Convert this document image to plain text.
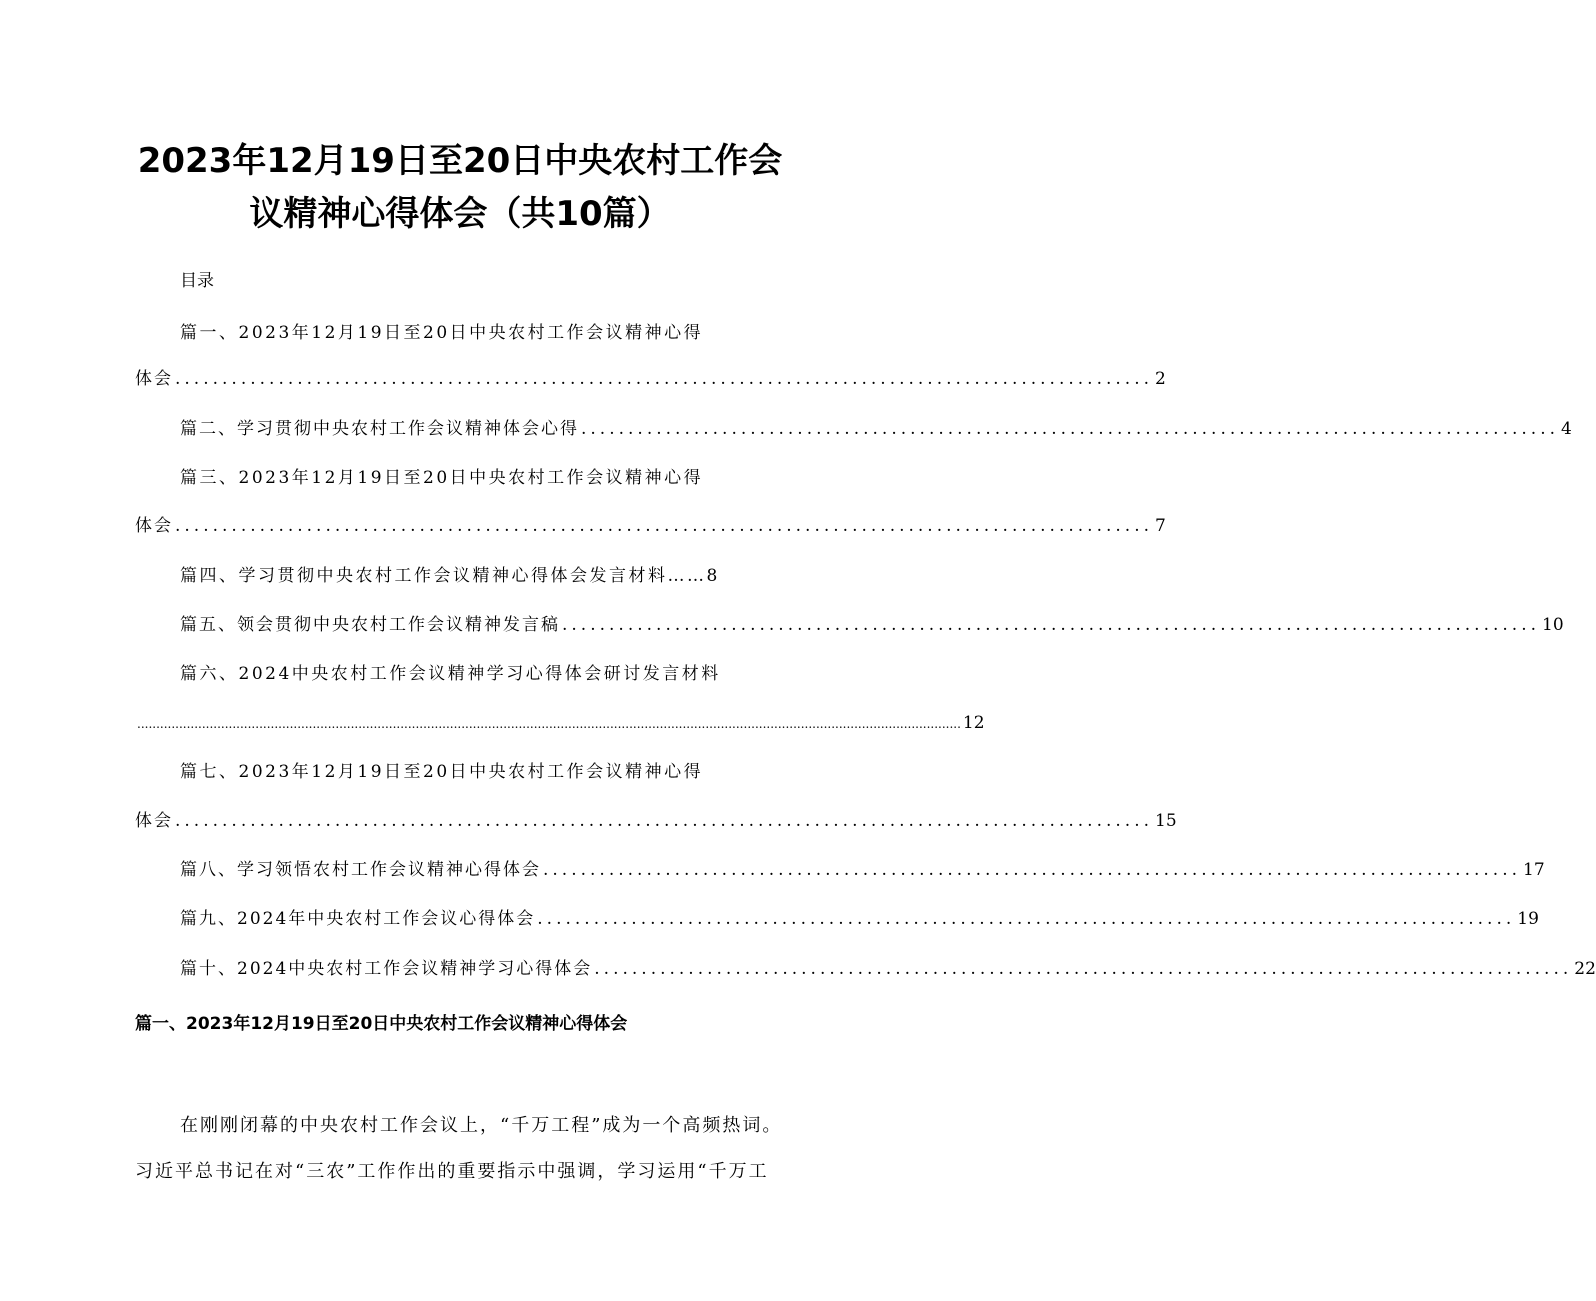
2023年12月19日至20日中央农村工作会
议精神心得体会（共10篇）
目录
篇一、2023年12月19日至20日中央农村工作会议精神心得
体会 ........................................................................................................ 2
篇二、学习贯彻中央农村工作会议精神体会心得 ........................................................................................................ 4
篇三、2023年12月19日至20日中央农村工作会议精神心得
体会 ........................................................................................................ 7
篇四、学习贯彻中央农村工作会议精神心得体会发言材料……8
篇五、领会贯彻中央农村工作会议精神发言稿 ........................................................................................................ 10
篇六、2024中央农村工作会议精神学习心得体会研讨发言材料
........................................................................................................................................................................................................................ 12
篇七、2023年12月19日至20日中央农村工作会议精神心得
体会 ........................................................................................................ 15
篇八、学习领悟农村工作会议精神心得体会 ........................................................................................................ 17
篇九、2024年中央农村工作会议心得体会 ........................................................................................................ 19
篇十、2024中央农村工作会议精神学习心得体会 ........................................................................................................ 22
篇一、2023年12月19日至20日中央农村工作会议精神心得体会
在刚刚闭幕的中央农村工作会议上，“千万工程”成为一个高频热词。
习近平总书记在对“三农”工作作出的重要指示中强调，学习运用“千万工
